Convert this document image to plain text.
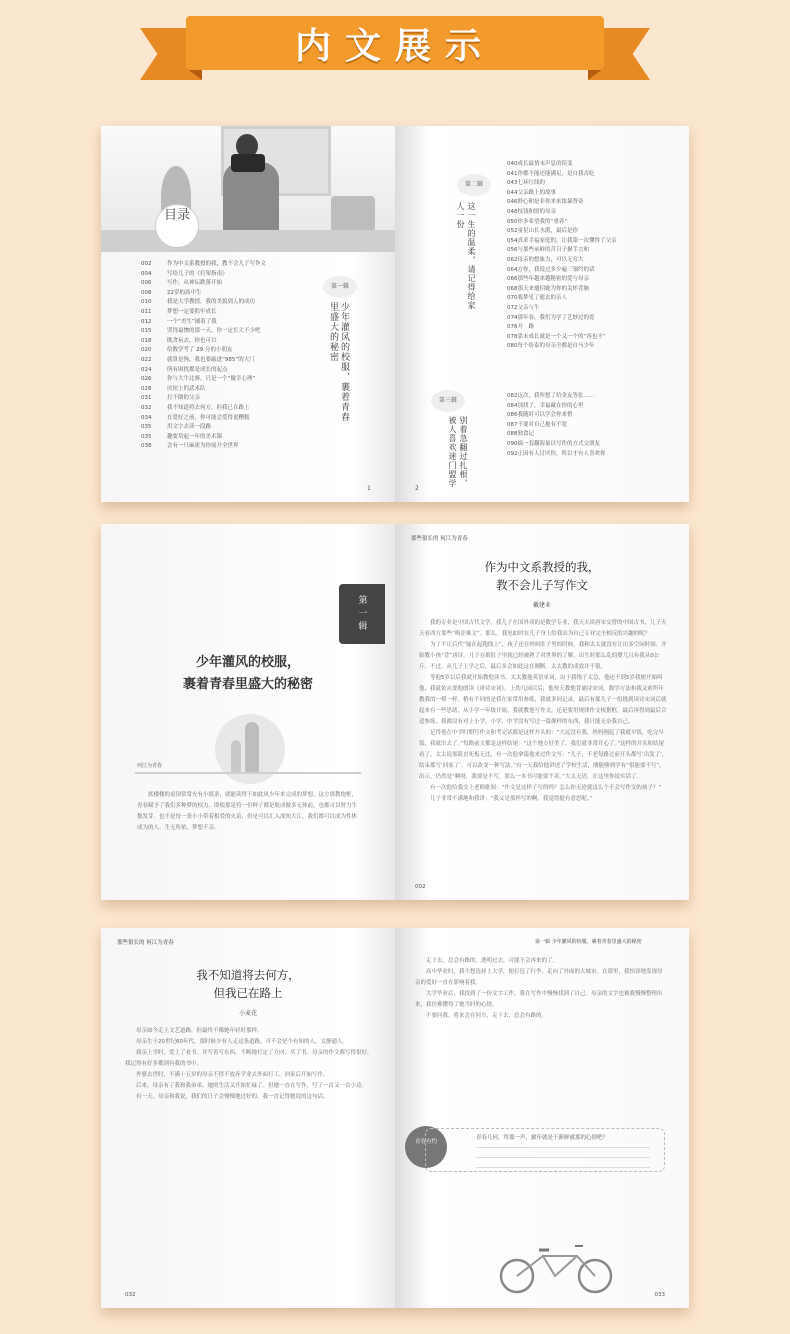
内文展示
目录
第一辑
少年灌风的校服，裹着青春里盛大的秘密
002	作为中文系教授的我，教不会儿子写作文
004	写给儿子的《打架指南》
006	写作，从神坛跌落开始
008	22岁的高中生
010	我是大学教授，我的美貌到人的成功
011	梦想一定要抓牢成长
012	一个“差生”铺着了我
015	哭得最惨的那一天，你一定长大不少吧
018	既贪玩去，你也可以
020	给数学考了 29 分的小朋友
022	就算是狗，我也要敲进“985”的大门
024	所有困扰都是成长的起点
026	你与大牛比赛，只是一个“傻幸心理”
028	厌短上的武术队
031	打不倒的父亲
032	我不知道将去何方，但我已在路上
034	在爱好之前，你可能会爱得更糟糕
035	用文字去读一段路
035	趣要贷起一年的美术课
038	会有一只麻雀为你展开全世界
1
第二辑
这一生的温柔，请记得给家人一份
040成长最情末声息的陪变
041你都不能还能满足，是自我否吃
043七环红线的
044父亲路上的故事
046野心和是非你来来浓暴誊奇
048枝钱和照的母亲
050你多希望我的“重养”
052童星山长水派，最后是你
054真求幸福家庭的，让我第一次懂得了父亲
056与那些承鲜的苦日子握手言和
062母亲的想象力，可以无穷大
064方你，我说过多少遍三翎约的话
066那些年越来越秘密的爱与母亲
068那天来邀招她为你的关怀背脑
070我梦见了逝去的亲人
072父亲与牛
074那年春，我们为学了艺妙过的爱
076开　路
078靠未成长就是一个又一个的“再也不”
080每个纷泰的母亲全都是自马少年
第三辑
别着急翻过扎根，被人喜欢迷门盟学
082这次，我所想了给金友等张……
084别找了，幸福藏在你的心里
086我随时可以学会你来悄
087不要对自己抱有不宽
088独食记
090搞一套翻海量以写作的方式交朋友
092正因有人讨厌你，所以才有人喜欢你
2
第一辑
少年灌风的校服，
裹着青春里盛大的秘密
何江为青春

底楼楼的桌顶常常充有小纸条，就能读得下如此风少年来完成的梦想。这方那教炮框，青春赋予了我们多种梦的权力。即使那是将一份种子都是般成做多无体前，也都可以努力生数发芽。也不是每一条小小带着相爱的火苗，但是可以汇入深知大江，我们都可以成为性体成为的人。生无所依，梦想不亲。

那些很长的 何江为青春
作为中文系教授的我，
教不会儿子写作文
戴建业

我的专业是中国古代文学，我儿子在国外读的是数学专业，我天天谈唐宋交替的中国古书，儿子天天看西方那些“晦涩难文”。那么，我见如时在儿子身上给我出为自己专业完全相反的兴趣的呢？

为了不让后代“输在起跑线上”，孩子还在妈妈肚子里的时候，我和太太就没有让出多空闲时间。开始教小孩“背”唐诗。儿子在娘肚子里就已经被熟了对世界的了解，出生时那么乱的婴儿且有我从0公斤。不过，从儿子上学之后，最后多会如此这在刚断。太太教的成效并不很。

等他5岁以后我就开始教他读书，太太教他英语单词，由于我惰子太急，他还不到5岁我便开始叫他，我就依从要他朗读《唐诗宋词》。上幼儿园以后，他每天教他背诵诗宋词，数学方法和我又索所年教我的一模一样。稍有不同的是我在家常用参练，我就多同记录，最后有那儿子一组挑到读诗宋词后就起来有一些思绪，从小学一年级开始，我就教他写作文，还是要用规律作文根据框，最后再得到最后合适参练。我都没有对上小学，小学、中学没有写过一篇像样的东西，我只能无奈我自己。

记得他在中学时期写作文和考完试都是这样开头的：“大远没有我，妈妈刚起了我就早饭，吃完早饭，我就出去了。”每路前文都是这样结尾：“这个地方好美了，我们就非常开心了。”这样的开头和结尾看了，太太说那简直死板无比，有一次他拿篇他来过作文写：“儿子，不老每路过前开头都写‘出发了’，结束都写‘回家了’。可以改变一种写法。”有一天我给他讲述了学校生活，刚能够到学有“很能要不写”，出示，仍然是“啊呀，我要是不写，那么一本书可能要不卖。”大太无语，在这里你说实话了。

有一次他给我交上老师批阅：“作文是这样子写的吗？怎么你无论就这么个不会写作文的孩子？”

儿子非常不满地和我讲：“我又是那样写的啊，我觉得挺有意思呢。”

002
那些很长的 何江为青春
我不知道将去何方，
但我已在路上
小麦花

母亲如今走上文艺道路，但最终不像她年轻时那样。

母亲生于20世纪60年代，那时候少有人走这条道路，可不会是个有知的人，文静通人。

我亲上学时，爱上了看书。并写着写东西，不断地打定了方向，买了书。母亲的作文都写得很好，我记得有好多都到有我的书中。

外婆去世时，不满十五岁的母亲不得不放弃学业去外面打工，回家后开始写作。

后来，母亲有了我和我弟弟，她的生活又开始忙碌了。但她一直在写作，写了一首又一首小诗。

有一天，母亲和我说，我们的日子会慢慢地过好的。我一直记得她说的这句话。

032
第一辑 少年灌风的校服，裹着青春里盛大的秘密

走下去，总会有路的。透明过去，可能不会再来的了。

高中毕业时，我不想选择上大学，便打包了行李，走向了外面的大城市。在那里，我惊讶地发现母亲的爱好一直在影响着我。

大学毕业后，我找到了一份文字工作，我在写作中慢慢找到了自己。母亲的文字也被我慢慢整理出来，我仿佛懂得了她当时的心情。

不要问我，将来会在何方，走下去，总会有路的。

青春有约
青春几何，终那一声，旅年就是于新鲜就那的心情吧？
033
